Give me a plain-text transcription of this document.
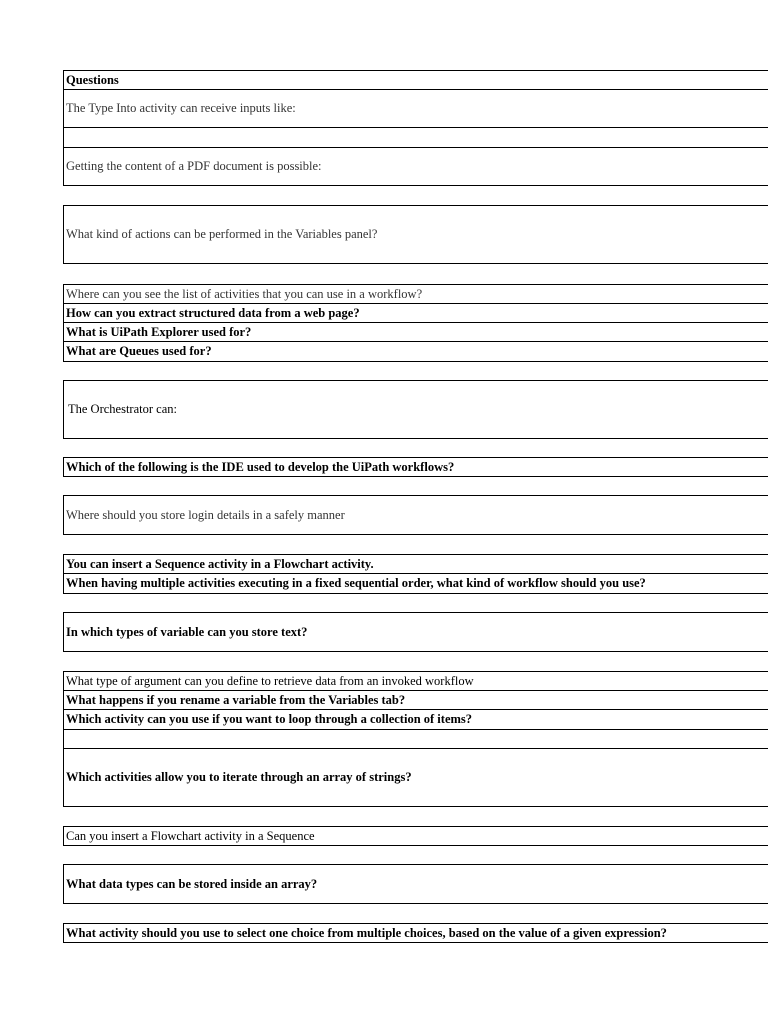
Questions
The Type Into activity can receive inputs like:
Getting the content of a PDF document is possible:
What kind of actions can be performed in the Variables panel?
Where can you see the list of activities that you can use in a workflow?
How can you extract structured data from a web page?
What is UiPath Explorer used for?
What are Queues used for?
The Orchestrator can:
Which of the following is the IDE used to develop the UiPath workflows?
Where should you store login details in a safely manner
You can insert a Sequence activity in a Flowchart activity.
When having multiple activities executing in a fixed sequential order, what kind of workflow should you use?
In which types of variable can you store text?
What type of argument can you define to retrieve data from an invoked workflow
What happens if you rename a variable from the Variables tab?
Which activity can you use if you want to loop through a collection of items?
Which activities allow you to iterate through an array of strings?
Can you insert a Flowchart activity in a Sequence
What data types can be stored inside an array?
What activity should you use to select one choice from multiple choices, based on the value of a given expression?
